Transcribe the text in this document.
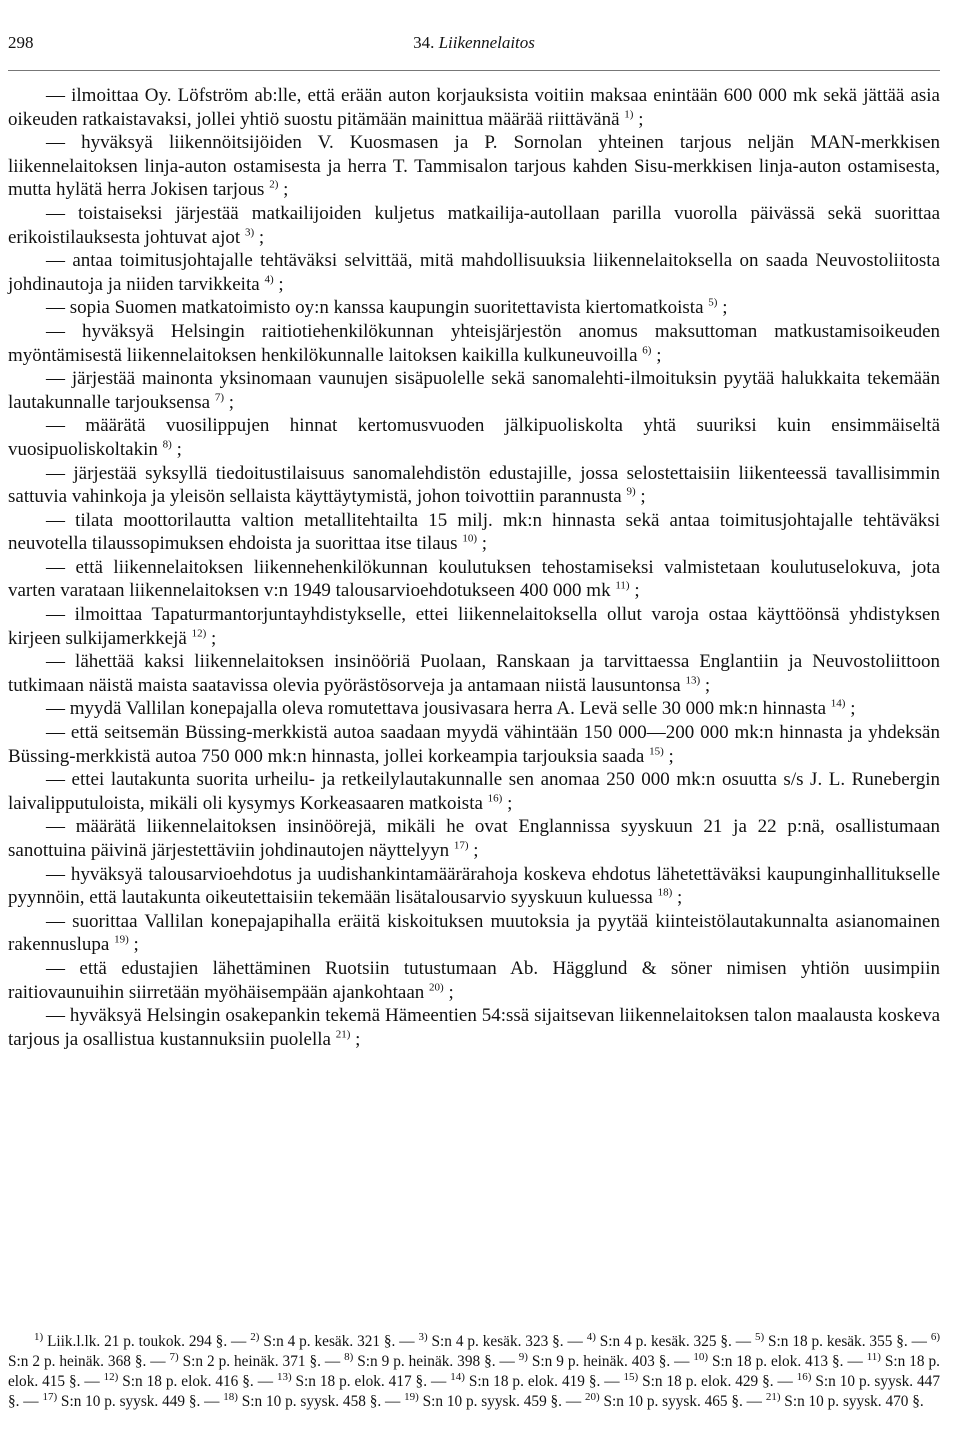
298	34. Liikennelaitos

— ilmoittaa Oy. Löfström ab:lle, että erään auton korjauksista voitiin maksaa enintään 600 000 mk sekä jättää asia oikeuden ratkaistavaksi, jollei yhtiö suostu pitämään mainittua määrää riittävänä $^{1)}$ ;

— hyväksyä liikennöitsijöiden V. Kuosmasen ja P. Sornolan yhteinen tarjous neljän MAN-merkkisen liikennelaitoksen linja-auton ostamisesta ja herra T. Tammisalon tarjous kahden Sisu-merkkisen linja-auton ostamisesta, mutta hylätä herra Jokisen tarjous $^{2)}$ ;

— toistaiseksi järjestää matkailijoiden kuljetus matkailija-autollaan parilla vuorolla päivässä sekä suorittaa erikoistilauksesta johtuvat ajot $^{3)}$ ;

— antaa toimitusjohtajalle tehtäväksi selvittää, mitä mahdollisuuksia liikennelaitoksella on saada Neuvostoliitosta johdinautoja ja niiden tarvikkeita $^{4)}$ ;

— sopia Suomen matkatoimisto oy:n kanssa kaupungin suoritettavista kiertomatkoista $^{5)}$ ;

— hyväksyä Helsingin raitiotiehenkilökunnan yhteisjärjestön anomus maksuttoman matkustamisoikeuden myöntämisestä liikennelaitoksen henkilökunnalle laitoksen kaikilla kulkuneuvoilla $^{6)}$ ;

— järjestää mainonta yksinomaan vaunujen sisäpuolelle sekä sanomalehti-ilmoituksin pyytää halukkaita tekemään lautakunnalle tarjouksensa $^{7)}$ ;

— määrätä vuosilippujen hinnat kertomusvuoden jälkipuoliskolta yhtä suuriksi kuin ensimmäiseltä vuosipuoliskoltakin $^{8)}$ ;

— järjestää syksyllä tiedoitustilaisuus sanomalehdistön edustajille, jossa selostettaisiin liikenteessä tavallisimmin sattuvia vahinkoja ja yleisön sellaista käyttäytymistä, johon toivottiin parannusta $^{9)}$ ;

— tilata moottorilautta valtion metallitehtailta 15 milj. mk:n hinnasta sekä antaa toimitusjohtajalle tehtäväksi neuvotella tilaussopimuksen ehdoista ja suorittaa itse tilaus $^{10)}$ ;

— että liikennelaitoksen liikennehenkilökunnan koulutuksen tehostamiseksi valmistetaan koulutuselokuva, jota varten varataan liikennelaitoksen v:n 1949 talousarvioehdotukseen 400 000 mk $^{11)}$ ;

— ilmoittaa Tapaturmantorjuntayhdistykselle, ettei liikennelaitoksella ollut varoja ostaa käyttöönsä yhdistyksen kirjeen sulkijamerkkejä $^{12)}$ ;

— lähettää kaksi liikennelaitoksen insinööriä Puolaan, Ranskaan ja tarvittaessa Englantiin ja Neuvostoliittoon tutkimaan näistä maista saatavissa olevia pyörästösorveja ja antamaan niistä lausuntonsa $^{13)}$ ;

— myydä Vallilan konepajalla oleva romutettava jousivasara herra A. Levä selle 30 000 mk:n hinnasta $^{14)}$ ;

— että seitsemän Büssing-merkkistä autoa saadaan myydä vähintään 150 000—200 000 mk:n hinnasta ja yhdeksän Büssing-merkkistä autoa 750 000 mk:n hinnasta, jollei korkeampia tarjouksia saada $^{15)}$ ;

— ettei lautakunta suorita urheilu- ja retkeilylautakunnalle sen anomaa 250 000 mk:n osuutta s/s J. L. Runebergin laivalipputuloista, mikäli oli kysymys Korkeasaaren matkoista $^{16)}$ ;

— määrätä liikennelaitoksen insinöörejä, mikäli he ovat Englannissa syyskuun 21 ja 22 p:nä, osallistumaan sanottuina päivinä järjestettäviin johdinautojen näyttelyyn $^{17)}$ ;

— hyväksyä talousarvioehdotus ja uudishankintamäärärahoja koskeva ehdotus lähetettäväksi kaupunginhallitukselle pyynnöin, että lautakunta oikeutettaisiin tekemään lisätalousarvio syyskuun kuluessa $^{18)}$ ;

— suorittaa Vallilan konepajapihalla eräitä kiskoituksen muutoksia ja pyytää kiinteistölautakunnalta asianomainen rakennuslupa $^{19)}$ ;

— että edustajien lähettäminen Ruotsiin tutustumaan Ab. Hägglund & söner nimisen yhtiön uusimpiin raitiovaunuihin siirretään myöhäisempään ajankohtaan $^{20)}$ ;

— hyväksyä Helsingin osakepankin tekemä Hämeentien 54:ssä sijaitsevan liikennelaitoksen talon maalausta koskeva tarjous ja osallistua kustannuksiin puolella $^{21)}$ ;

$^{1)}$ Liik.l.lk. 21 p. toukok. 294 §. — $^{2)}$ S:n 4 p. kesäk. 321 §. — $^{3)}$ S:n 4 p. kesäk. 323 §. — $^{4)}$ S:n 4 p. kesäk. 325 §. — $^{5)}$ S:n 18 p. kesäk. 355 §. — $^{6)}$ S:n 2 p. heinäk. 368 §. — $^{7)}$ S:n 2 p. heinäk. 371 §. — $^{8)}$ S:n 9 p. heinäk. 398 §. — $^{9)}$ S:n 9 p. heinäk. 403 §. — $^{10)}$ S:n 18 p. elok. 413 §. — $^{11)}$ S:n 18 p. elok. 415 §. — $^{12)}$ S:n 18 p. elok. 416 §. — $^{13)}$ S:n 18 p. elok. 417 §. — $^{14)}$ S:n 18 p. elok. 419 §. — $^{15)}$ S:n 18 p. elok. 429 §. — $^{16)}$ S:n 10 p. syysk. 447 §. — $^{17)}$ S:n 10 p. syysk. 449 §. — $^{18)}$ S:n 10 p. syysk. 458 §. — $^{19)}$ S:n 10 p. syysk. 459 §. — $^{20)}$ S:n 10 p. syysk. 465 §. — $^{21)}$ S:n 10 p. syysk. 470 §.
